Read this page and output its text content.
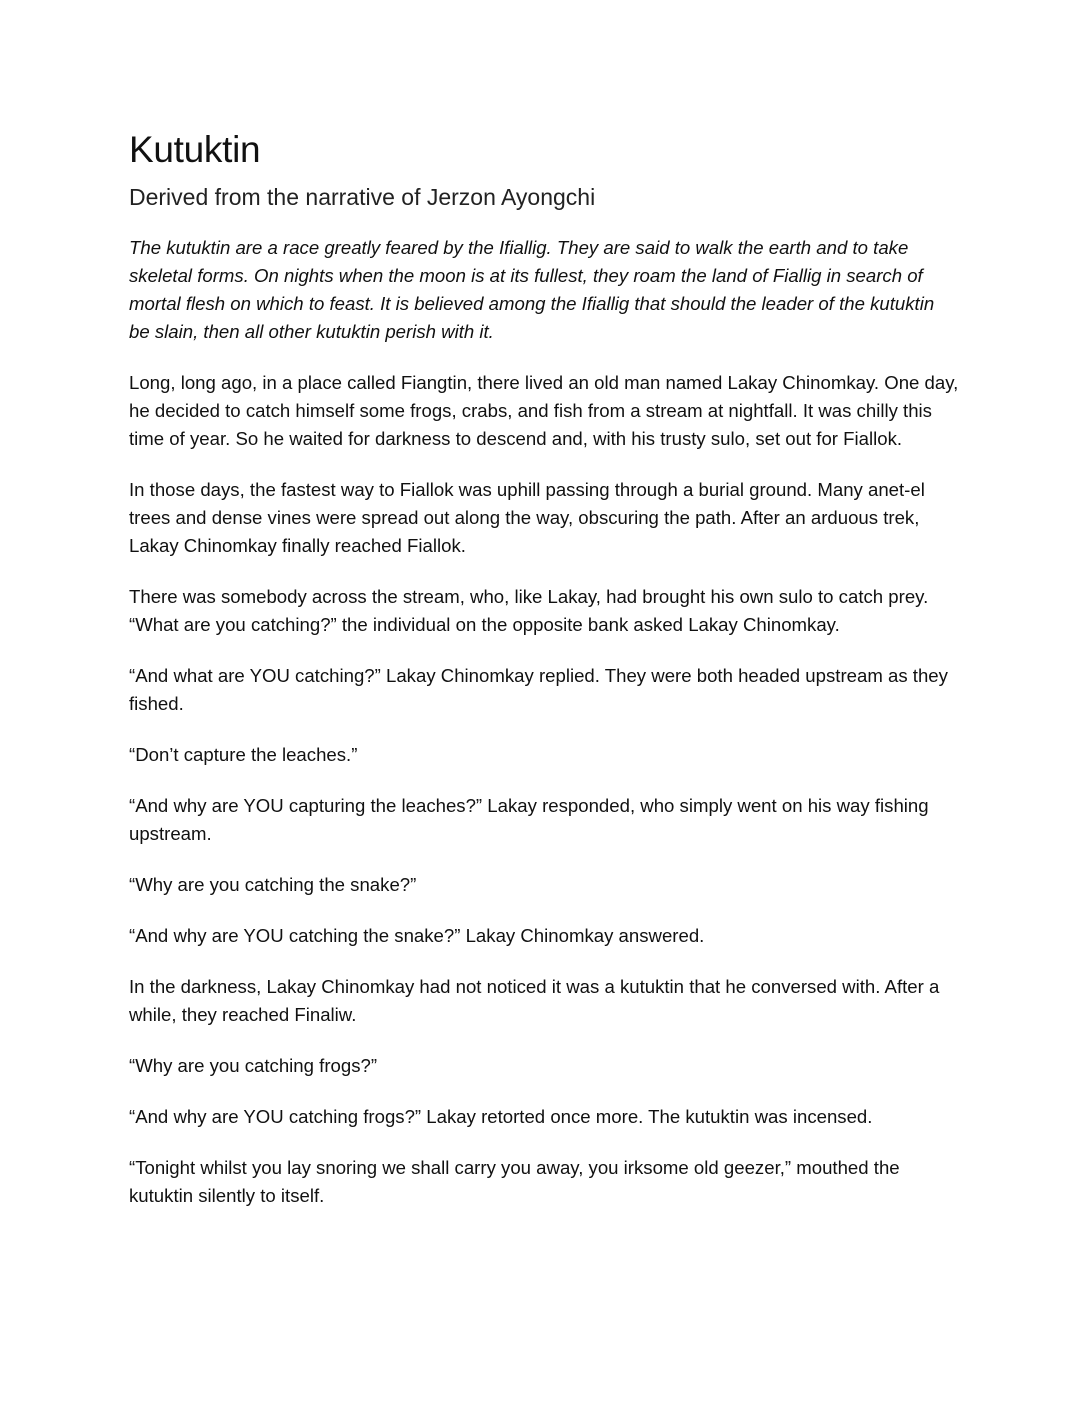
Kutuktin
Derived from the narrative of Jerzon Ayongchi

The kutuktin are a race greatly feared by the Ifiallig. They are said to walk the earth and to take skeletal forms. On nights when the moon is at its fullest, they roam the land of Fiallig in search of mortal flesh on which to feast. It is believed among the Ifiallig that should the leader of the kutuktin be slain, then all other kutuktin perish with it.

Long, long ago, in a place called Fiangtin, there lived an old man named Lakay Chinomkay. One day, he decided to catch himself some frogs, crabs, and fish from a stream at nightfall. It was chilly this time of year. So he waited for darkness to descend and, with his trusty sulo, set out for Fiallok.

In those days, the fastest way to Fiallok was uphill passing through a burial ground. Many anet-el trees and dense vines were spread out along the way, obscuring the path. After an arduous trek, Lakay Chinomkay finally reached Fiallok.

There was somebody across the stream, who, like Lakay, had brought his own sulo to catch prey. “What are you catching?” the individual on the opposite bank asked Lakay Chinomkay.

“And what are YOU catching?” Lakay Chinomkay replied. They were both headed upstream as they fished.

“Don’t capture the leaches.”

“And why are YOU capturing the leaches?” Lakay responded, who simply went on his way fishing upstream.

“Why are you catching the snake?”

“And why are YOU catching the snake?” Lakay Chinomkay answered.

In the darkness, Lakay Chinomkay had not noticed it was a kutuktin that he conversed with. After a while, they reached Finaliw.

“Why are you catching frogs?”

“And why are YOU catching frogs?” Lakay retorted once more. The kutuktin was incensed.

“Tonight whilst you lay snoring we shall carry you away, you irksome old geezer,” mouthed the kutuktin silently to itself.
